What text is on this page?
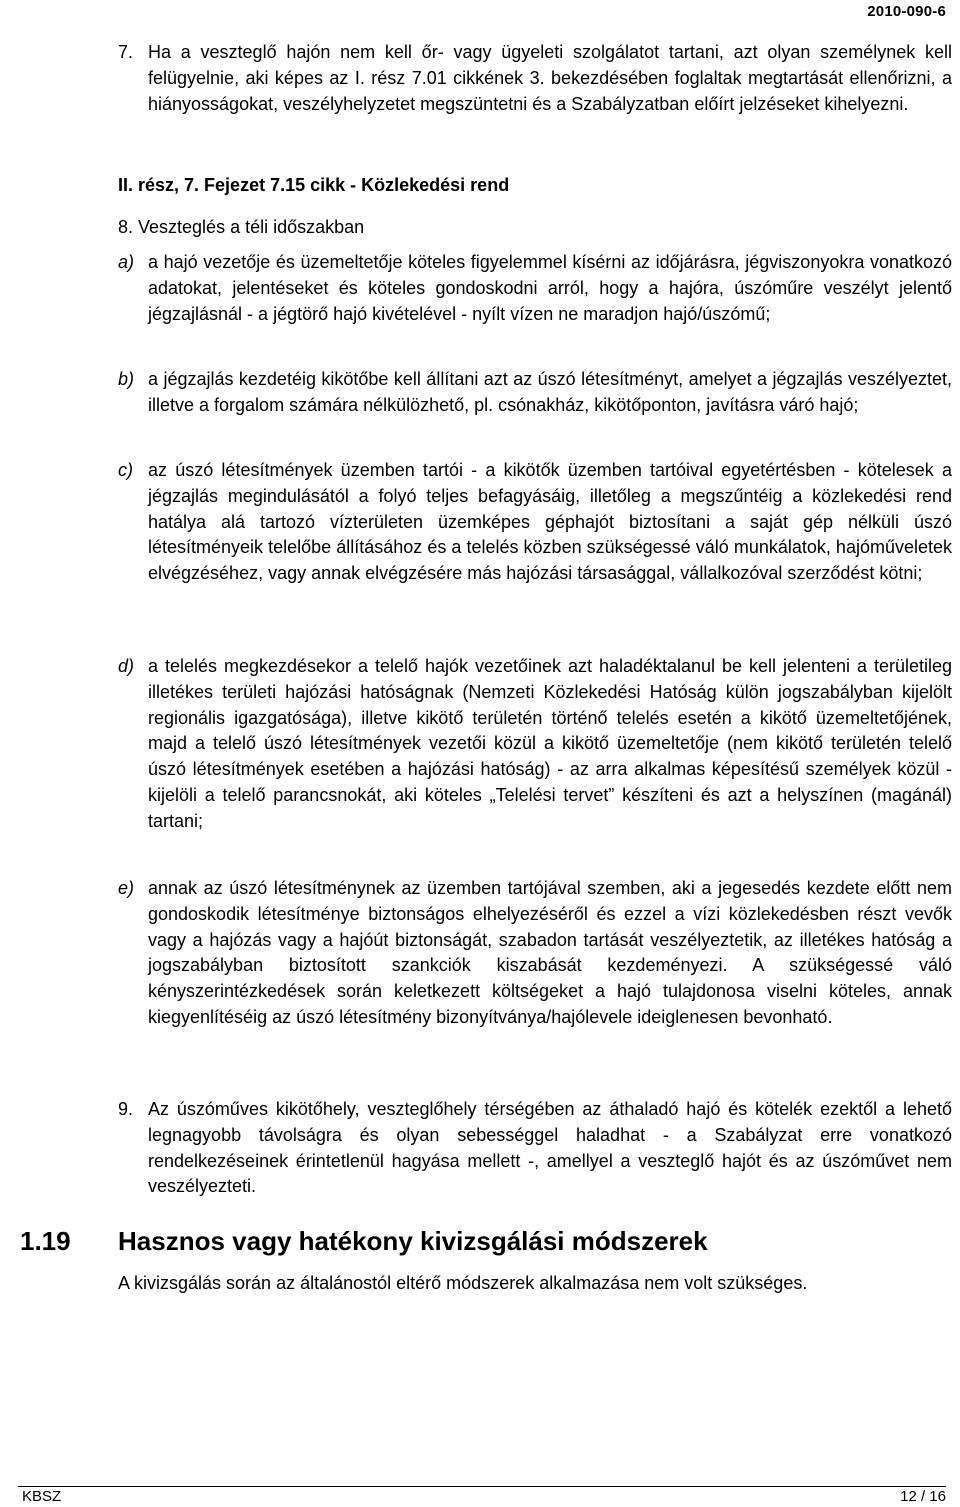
2010-090-6
7. Ha a veszteglő hajón nem kell őr- vagy ügyeleti szolgálatot tartani, azt olyan személynek kell felügyelnie, aki képes az I. rész 7.01 cikkének 3. bekezdésében foglaltak megtartását ellenőrizni, a hiányosságokat, veszélyhelyzetet megszüntetni és a Szabályzatban előírt jelzéseket kihelyezni.
II. rész, 7. Fejezet 7.15 cikk - Közlekedési rend
8. Veszteglés a téli időszakban
a) a hajó vezetője és üzemeltetője köteles figyelemmel kísérni az időjárásra, jégviszonyokra vonatkozó adatokat, jelentéseket és köteles gondoskodni arról, hogy a hajóra, úszóműre veszélyt jelentő jégzajlásnál - a jégtörő hajó kivételével - nyílt vízen ne maradjon hajó/úszómű;
b) a jégzajlás kezdetéig kikötőbe kell állítani azt az úszó létesítményt, amelyet a jégzajlás veszélyeztet, illetve a forgalom számára nélkülözhető, pl. csónakház, kikötőponton, javításra váró hajó;
c) az úszó létesítmények üzemben tartói - a kikötők üzemben tartóival egyetértésben - kötelesek a jégzajlás megindulásától a folyó teljes befagyásáig, illetőleg a megszűntéig a közlekedési rend hatálya alá tartozó vízterületen üzemképes géphajót biztosítani a saját gép nélküli úszó létesítményeik telelőbe állításához és a telelés közben szükségessé váló munkálatok, hajóműveletek elvégzéséhez, vagy annak elvégzésére más hajózási társasággal, vállalkozóval szerződést kötni;
d) a telelés megkezdésekor a telelő hajók vezetőinek azt haladéktalanul be kell jelenteni a területileg illetékes területi hajózási hatóságnak (Nemzeti Közlekedési Hatóság külön jogszabályban kijelölt regionális igazgatósága), illetve kikötő területén történő telelés esetén a kikötő üzemeltetőjének, majd a telelő úszó létesítmények vezetői közül a kikötő üzemeltetője (nem kikötő területén telelő úszó létesítmények esetében a hajózási hatóság) - az arra alkalmas képesítésű személyek közül - kijelöli a telelő parancsnokát, aki köteles „Telelési tervet” készíteni és azt a helyszínen (magánál) tartani;
e) annak az úszó létesítménynek az üzemben tartójával szemben, aki a jegesedés kezdete előtt nem gondoskodik létesítménye biztonságos elhelyezéséről és ezzel a vízi közlekedésben részt vevők vagy a hajózás vagy a hajóút biztonságát, szabadon tartását veszélyeztetik, az illetékes hatóság a jogszabályban biztosított szankciók kiszabását kezdeményezi. A szükségessé váló kényszerintézkedések során keletkezett költségeket a hajó tulajdonosa viselni köteles, annak kiegyenlítéséig az úszó létesítmény bizonyítványa/hajólevele ideiglenesen bevonható.
9. Az úszóműves kikötőhely, veszteglőhely térségében az áthaladó hajó és kötelék ezektől a lehető legnagyobb távolságra és olyan sebességgel haladhat - a Szabályzat erre vonatkozó rendelkezéseinek érintetlenül hagyása mellett -, amellyel a veszteglő hajót és az úszóművet nem veszélyezteti.
1.19 Hasznos vagy hatékony kivizsgálási módszerek
A kivizsgálás során az általánostól eltérő módszerek alkalmazása nem volt szükséges.
KBSZ	12 / 16
